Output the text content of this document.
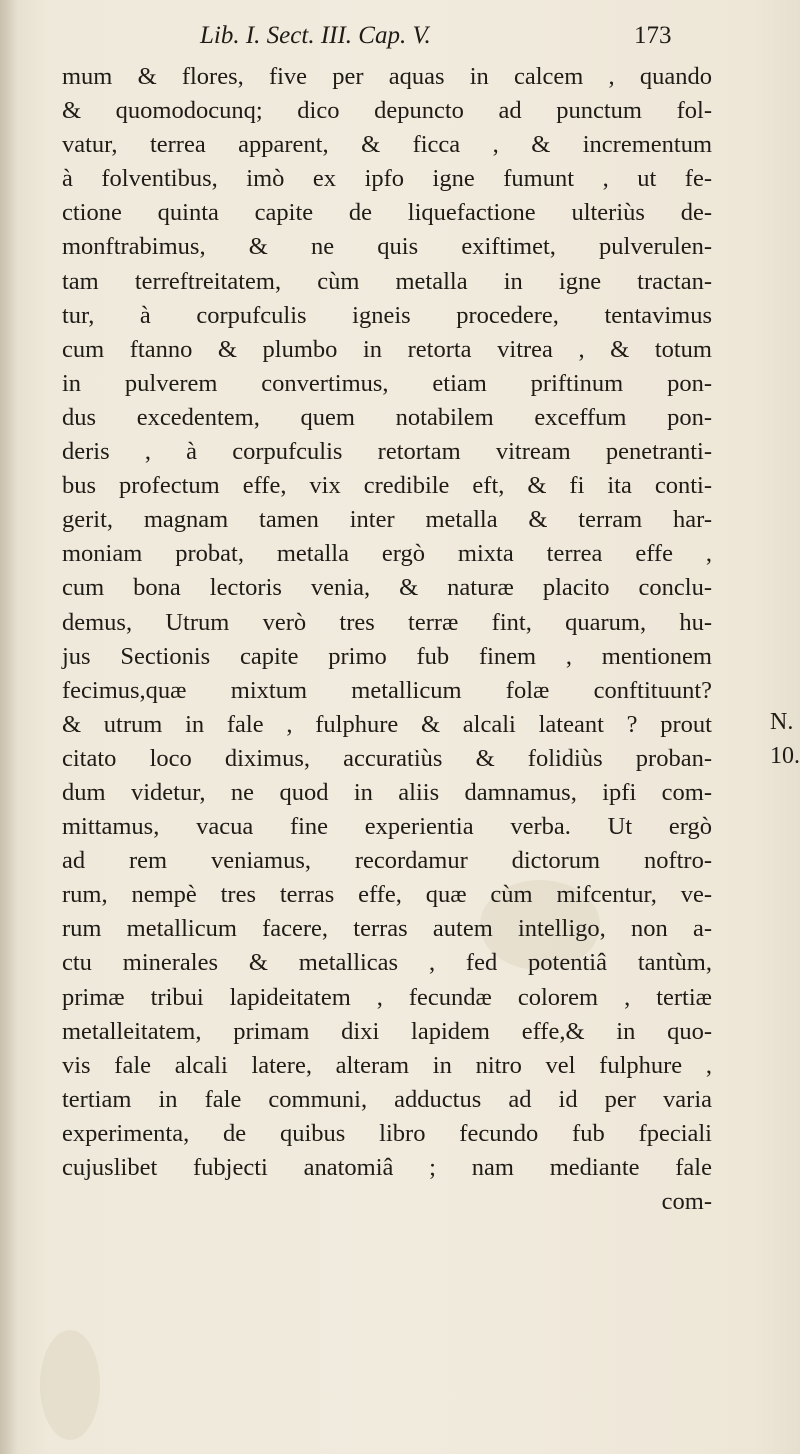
Lib. I. Sect. III. Cap. V.	173
mum & flores, five per aquas in calcem , quando
& quomodocunq; dico depuncto ad punctum fol-
vatur, terrea apparent, & ficca , & incrementum
à folventibus, imò ex ipfo igne fumunt , ut fe-
ctione quinta capite de liquefactione ulteriùs de-
monftrabimus, & ne quis exiftimet, pulverulen-
tam terreftreitatem, cùm metalla in igne tractan-
tur, à corpufculis igneis procedere, tentavimus
cum ftanno & plumbo in retorta vitrea , & totum
in pulverem convertimus, etiam priftinum pon-
dus excedentem, quem notabilem exceffum pon-
deris , à corpufculis retortam vitream penetranti-
bus profectum effe, vix credibile eft, & fi ita conti-
gerit, magnam tamen inter metalla & terram har-
moniam probat, metalla ergò mixta terrea effe ,
cum bona lectoris venia, & naturæ placito conclu-
demus, Utrum verò tres terræ fint, quarum, hu-
jus Sectionis capite primo fub finem , mentionem
fecimus,quæ mixtum metallicum folæ conftituunt?
& utrum in fale , fulphure & alcali lateant ? prout
citato loco diximus, accuratiùs & folidiùs proban-
dum videtur, ne quod in aliis damnamus, ipfi com-
mittamus, vacua fine experientia verba. Ut ergò
ad rem veniamus, recordamur dictorum noftro-
rum, nempè tres terras effe, quæ cùm mifcentur, ve-
rum metallicum facere, terras autem intelligo, non a-
ctu minerales & metallicas , fed potentiâ tantùm,
primæ tribui lapideitatem , fecundæ colorem , tertiæ
metalleitatem, primam dixi lapidem effe,& in quo-
vis fale alcali latere, alteram in nitro vel fulphure ,
tertiam in fale communi, adductus ad id per varia
experimenta, de quibus libro fecundo fub fpeciali
cujuslibet fubjecti anatomiâ ; nam mediante fale
com-
N.
10.
